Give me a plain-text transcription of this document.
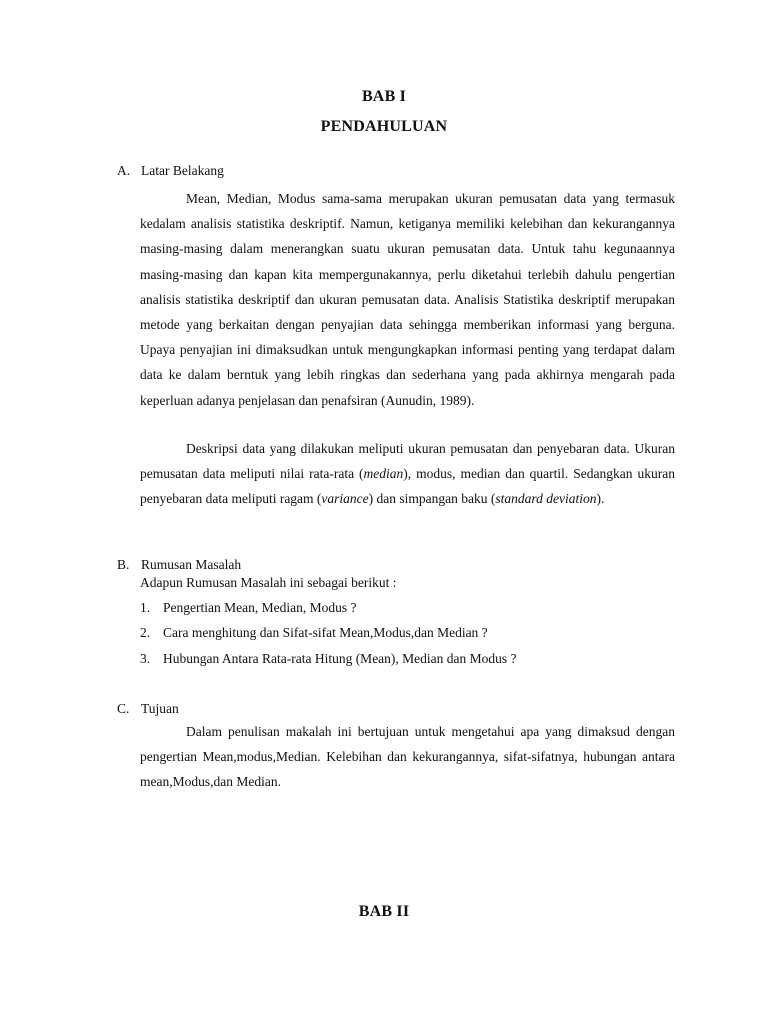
BAB I
PENDAHULUAN
A. Latar Belakang
Mean, Median, Modus sama-sama merupakan ukuran pemusatan data yang termasuk kedalam analisis statistika deskriptif. Namun, ketiganya memiliki kelebihan dan kekurangannya masing-masing dalam menerangkan suatu ukuran pemusatan data. Untuk tahu kegunaannya masing-masing dan kapan kita mempergunakannya, perlu diketahui terlebih dahulu pengertian analisis statistika deskriptif dan ukuran pemusatan data. Analisis Statistika deskriptif merupakan metode yang berkaitan dengan penyajian data sehingga memberikan informasi yang berguna. Upaya penyajian ini dimaksudkan untuk mengungkapkan informasi penting yang terdapat dalam data ke dalam berntuk yang lebih ringkas dan sederhana yang pada akhirnya mengarah pada keperluan adanya penjelasan dan penafsiran (Aunudin, 1989).
Deskripsi data yang dilakukan meliputi ukuran pemusatan dan penyebaran data. Ukuran pemusatan data meliputi nilai rata-rata (median), modus, median dan quartil. Sedangkan ukuran penyebaran data meliputi ragam (variance) dan simpangan baku (standard deviation).
B. Rumusan Masalah
Adapun Rumusan Masalah ini sebagai berikut :
1. Pengertian Mean, Median, Modus ?
2. Cara menghitung dan Sifat-sifat Mean,Modus,dan Median ?
3. Hubungan Antara Rata-rata Hitung (Mean), Median dan Modus ?
C. Tujuan
Dalam penulisan makalah ini bertujuan untuk mengetahui apa yang dimaksud dengan pengertian Mean,modus,Median. Kelebihan dan kekurangannya, sifat-sifatnya, hubungan antara mean,Modus,dan Median.
BAB II
